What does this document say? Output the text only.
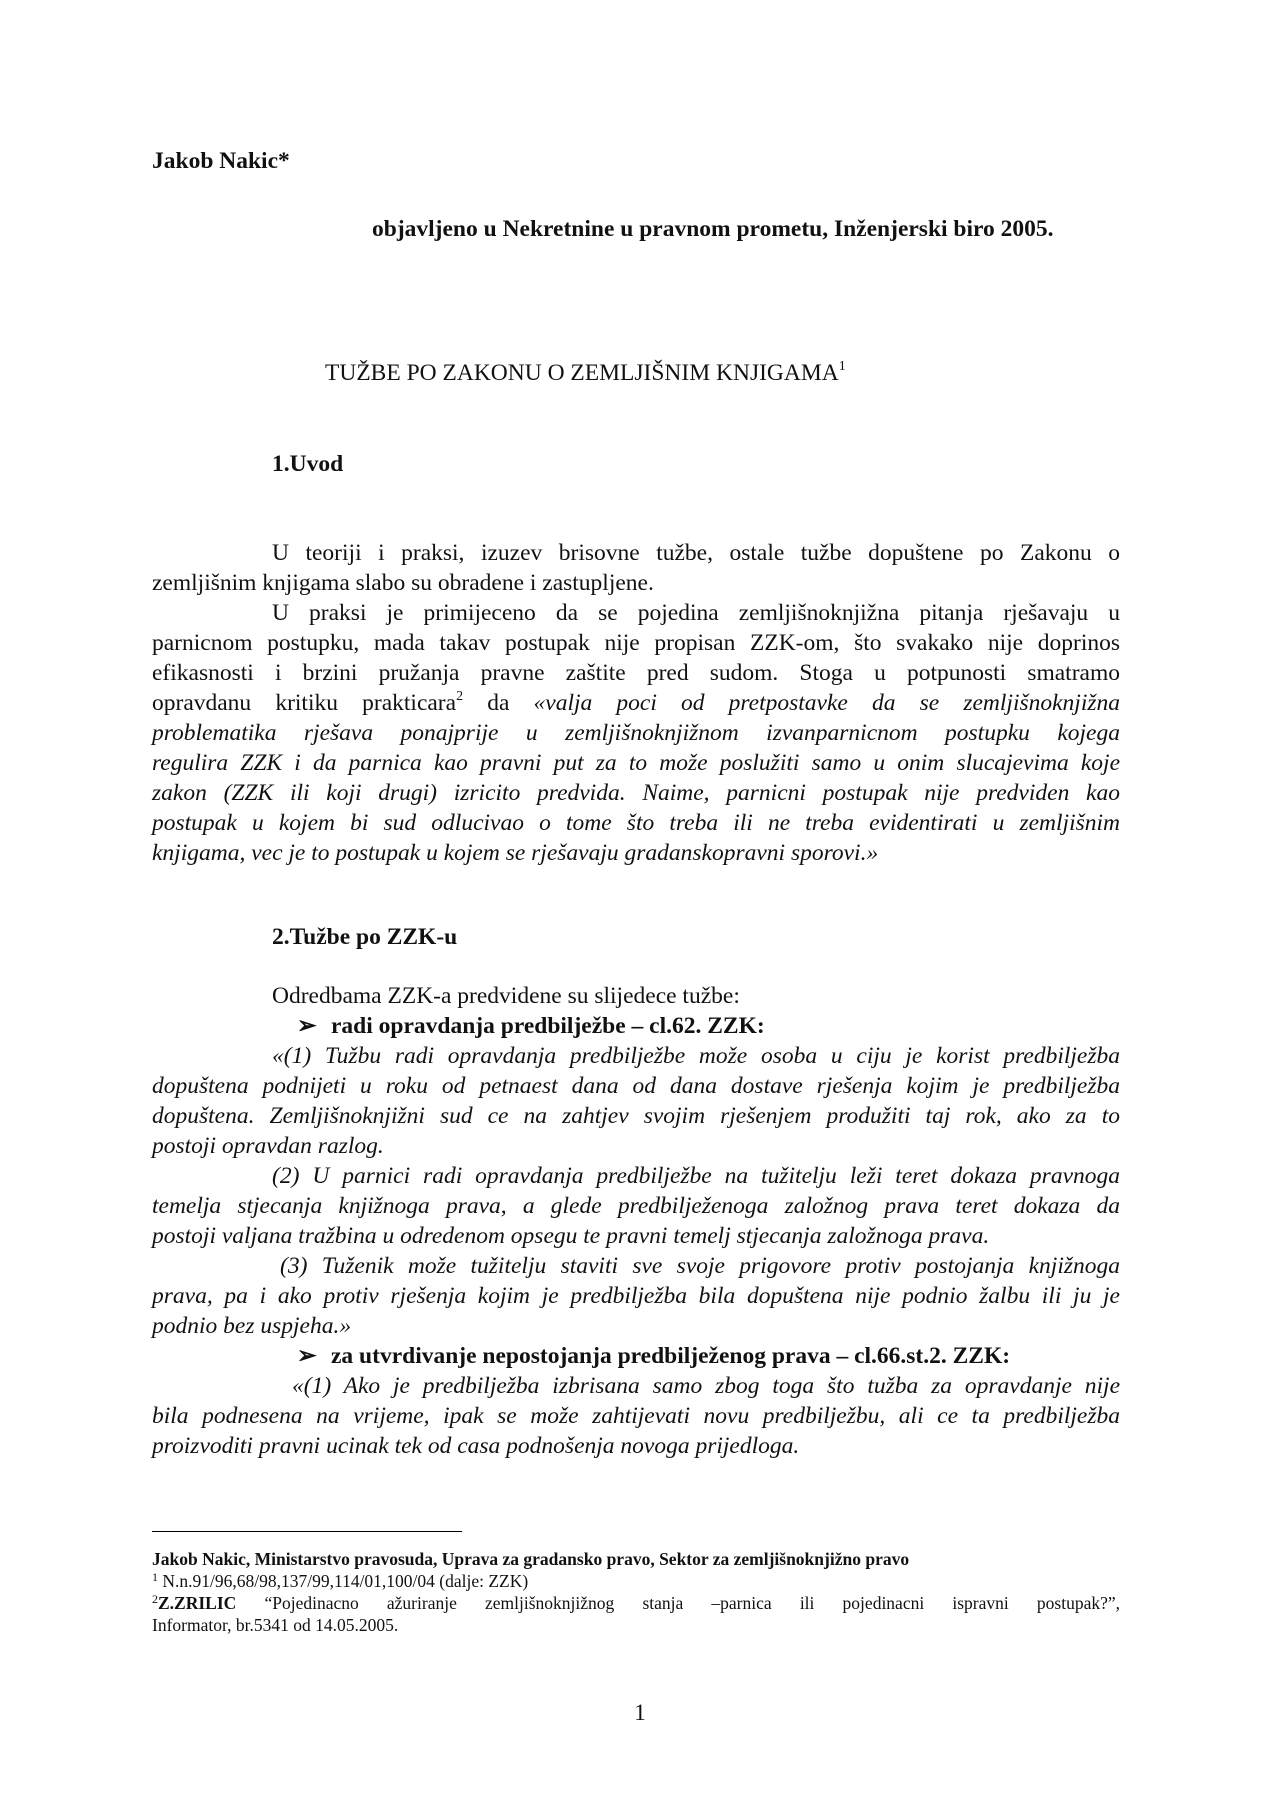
Jakob Nakic*

objavljeno u Nekretnine u pravnom prometu, Inženjerski biro 2005.

TUŽBE PO ZAKONU O ZEMLJIŠNIM KNJIGAMA$^1$

1.Uvod

U teoriji i praksi, izuzev brisovne tužbe, ostale tužbe dopuštene po Zakonu o
zemljišnim knjigama slabo su obradene i zastupljene.
U praksi je primijeceno da se pojedina zemljišnoknjižna pitanja rješavaju u
parnicnom postupku, mada takav postupak nije propisan ZZK-om, što svakako nije doprinos
efikasnosti i brzini pružanja pravne zaštite pred sudom. Stoga u potpunosti smatramo
opravdanu kritiku prakticara$^2$ da «valja poci od pretpostavke da se zemljišnoknjižna
problematika rješava ponajprije u zemljišnoknjižnom izvanparnicnom postupku kojega
regulira ZZK i da parnica kao pravni put za to može poslužiti samo u onim slucajevima koje
zakon (ZZK ili koji drugi) izricito predvida. Naime, parnicni postupak nije predviden kao
postupak u kojem bi sud odlucivao o tome što treba ili ne treba evidentirati u zemljišnim
knjigama, vec je to postupak u kojem se rješavaju gradanskopravni sporovi.»

2.Tužbe po ZZK-u

Odredbama ZZK-a predvidene su slijedece tužbe:
➢ radi opravdanja predbilježbe – cl.62. ZZK:
«(1) Tužbu radi opravdanja predbilježbe može osoba u ciju je korist predbilježba
dopuštena podnijeti u roku od petnaest dana od dana dostave rješenja kojim je predbilježba
dopuštena. Zemljišnoknjižni sud ce na zahtjev svojim rješenjem produžiti taj rok, ako za to
postoji opravdan razlog.
(2) U parnici radi opravdanja predbilježbe na tužitelju leži teret dokaza pravnoga
temelja stjecanja knjižnoga prava, a glede predbilježenoga založnog prava teret dokaza da
postoji valjana tražbina u odredenom opsegu te pravni temelj stjecanja založnoga prava.
(3) Tuženik može tužitelju staviti sve svoje prigovore protiv postojanja knjižnoga
prava, pa i ako protiv rješenja kojim je predbilježba bila dopuštena nije podnio žalbu ili ju je
podnio bez uspjeha.»
➢ za utvrdivanje nepostojanja predbilježenog prava – cl.66.st.2. ZZK:
«(1) Ako je predbilježba izbrisana samo zbog toga što tužba za opravdanje nije
bila podnesena na vrijeme, ipak se može zahtijevati novu predbilježbu, ali ce ta predbilježba
proizvoditi pravni ucinak tek od casa podnošenja novoga prijedloga.
Jakob Nakic, Ministarstvo pravosuda, Uprava za gradansko pravo, Sektor za zemljišnoknjižno pravo
$^1$ N.n.91/96,68/98,137/99,114/01,100/04 (dalje: ZZK)
$^2$Z.ZRILIC “Pojedinacno ažuriranje zemljišnoknjižnog stanja –parnica ili pojedinacni ispravni postupak?”,
Informator, br.5341 od 14.05.2005.

1
